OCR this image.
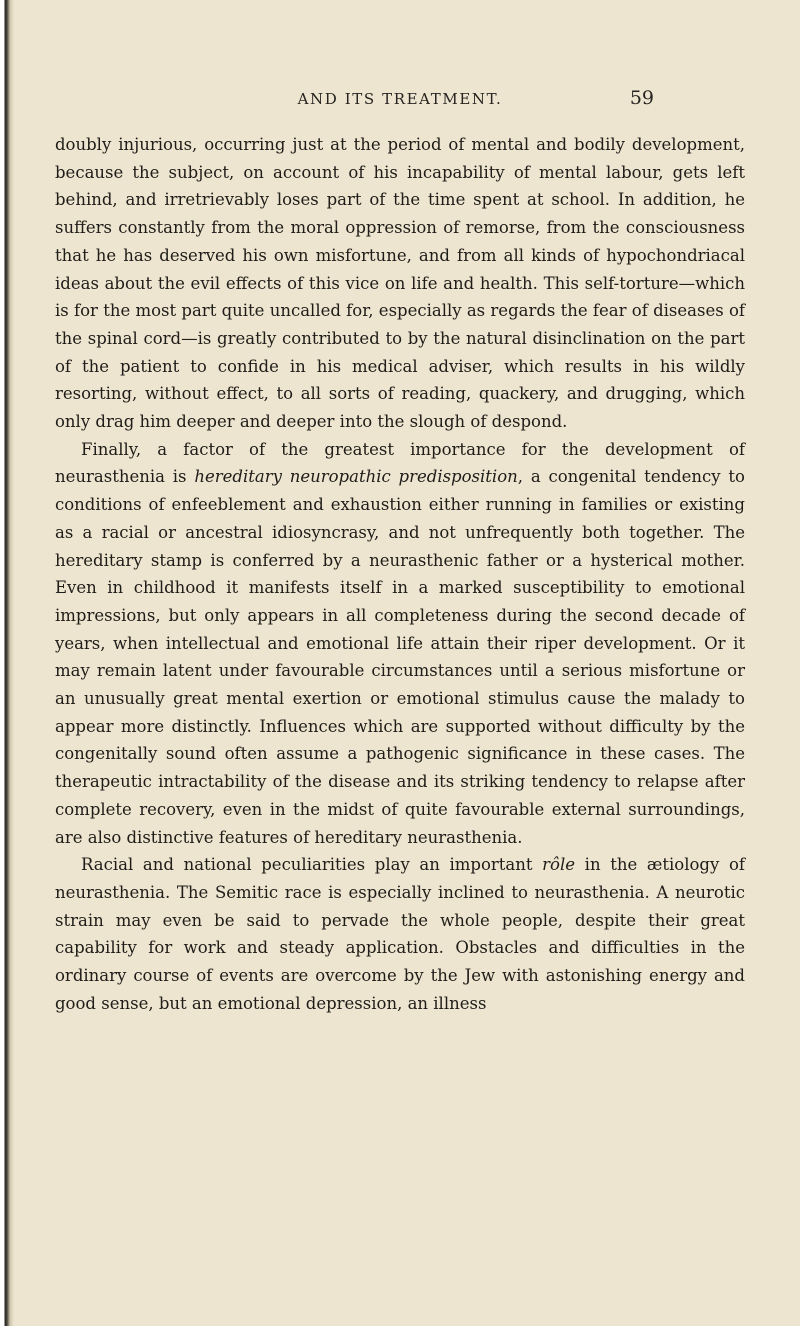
AND ITS TREATMENT.	59

doubly injurious, occurring just at the period of mental and bodily development, because the subject, on account of his incapability of mental labour, gets left behind, and irretrievably loses part of the time spent at school. In addition, he suffers constantly from the moral oppression of remorse, from the consciousness that he has deserved his own misfortune, and from all kinds of hypochondriacal ideas about the evil effects of this vice on life and health. This self-torture—which is for the most part quite uncalled for, especially as regards the fear of diseases of the spinal cord—is greatly contributed to by the natural disinclination on the part of the patient to confide in his medical adviser, which results in his wildly resorting, without effect, to all sorts of reading, quackery, and drugging, which only drag him deeper and deeper into the slough of despond.

Finally, a factor of the greatest importance for the development of neurasthenia is hereditary neuropathic predisposition, a congenital tendency to conditions of enfeeblement and exhaustion either running in families or existing as a racial or ancestral idiosyncrasy, and not unfrequently both together. The hereditary stamp is conferred by a neurasthenic father or a hysterical mother. Even in childhood it manifests itself in a marked susceptibility to emotional impressions, but only appears in all completeness during the second decade of years, when intellectual and emotional life attain their riper development. Or it may remain latent under favourable circumstances until a serious misfortune or an unusually great mental exertion or emotional stimulus cause the malady to appear more distinctly. Influences which are supported without difficulty by the congenitally sound often assume a pathogenic significance in these cases. The therapeutic intractability of the disease and its striking tendency to relapse after complete recovery, even in the midst of quite favourable external surroundings, are also distinctive features of hereditary neurasthenia.

Racial and national peculiarities play an important rôle in the ætiology of neurasthenia. The Semitic race is especially inclined to neurasthenia. A neurotic strain may even be said to pervade the whole people, despite their great capability for work and steady application. Obstacles and difficulties in the ordinary course of events are overcome by the Jew with astonishing energy and good sense, but an emotional depression, an illness
